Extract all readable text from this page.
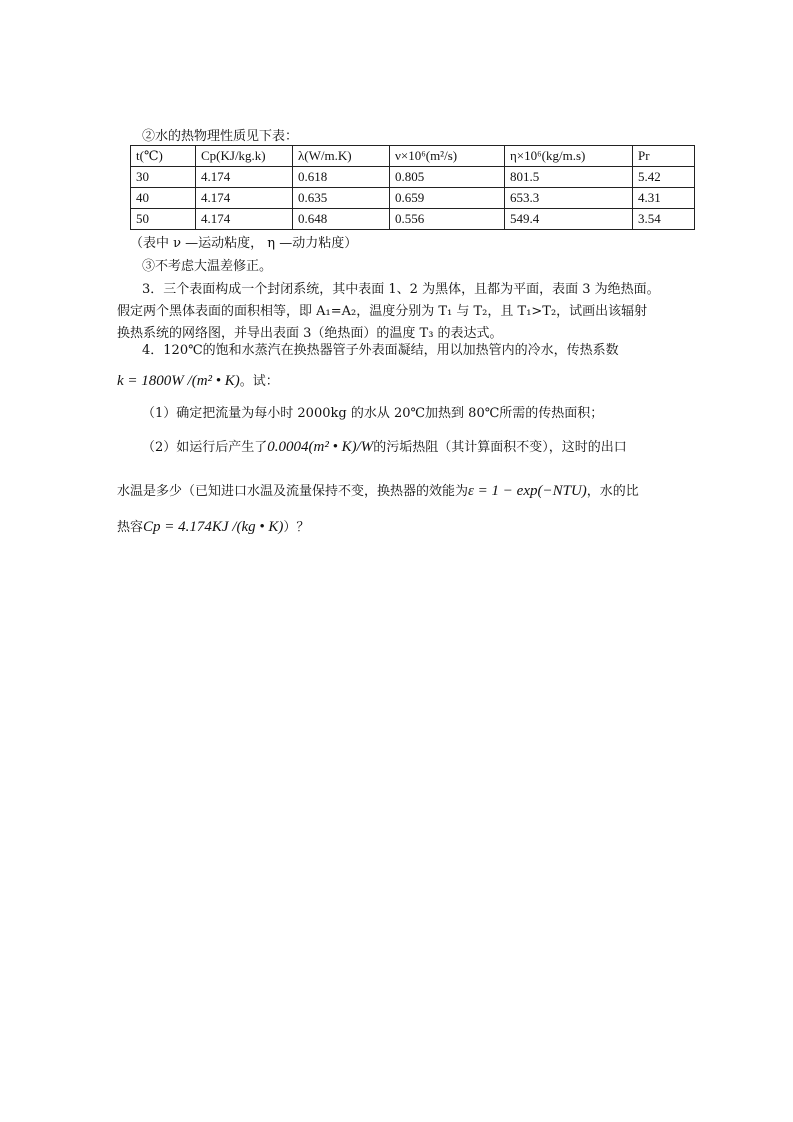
②水的热物理性质见下表：
t(℃)	Cp(KJ/kg.k)	λ(W/m.K)	ν×10⁶(m²/s)	η×10⁶(kg/m.s)	Pr
30	4.174	0.618	0.805	801.5	5.42
40	4.174	0.635	0.659	653.3	4.31
50	4.174	0.648	0.556	549.4	3.54
（表中 ν —运动粘度， η —动力粘度）
③不考虑大温差修正。
3．三个表面构成一个封闭系统，其中表面 1、2 为黑体，且都为平面，表面 3 为绝热面。
假定两个黑体表面的面积相等，即 A₁=A₂，温度分别为 T₁ 与 T₂，且 T₁>T₂，试画出该辐射
换热系统的网络图，并导出表面 3（绝热面）的温度 T₃ 的表达式。
4．120℃的饱和水蒸汽在换热器管子外表面凝结，用以加热管内的冷水，传热系数
k = 1800W /(m² • K)。试：
（1）确定把流量为每小时 2000kg 的水从 20℃加热到 80℃所需的传热面积；
（2）如运行后产生了0.0004(m² • K)/W的污垢热阻（其计算面积不变），这时的出口
水温是多少（已知进口水温及流量保持不变，换热器的效能为ε = 1 − exp(−NTU)，水的比
热容Cp = 4.174KJ /(kg • K)）？
